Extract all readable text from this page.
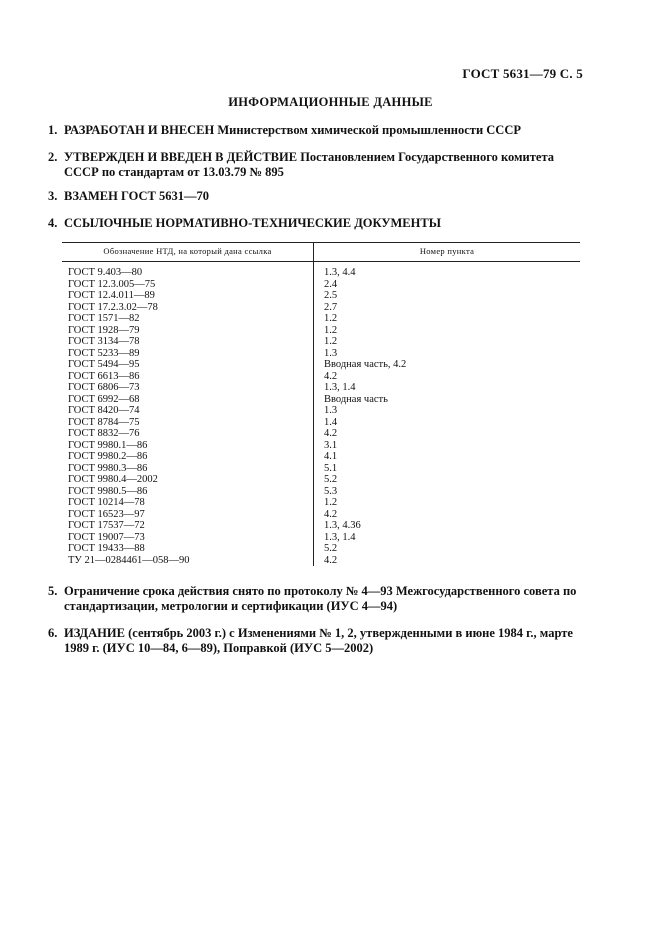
ГОСТ 5631—79 С. 5
ИНФОРМАЦИОННЫЕ ДАННЫЕ
1. РАЗРАБОТАН И ВНЕСЕН Министерством химической промышленности СССР
2. УТВЕРЖДЕН И ВВЕДЕН В ДЕЙСТВИЕ Постановлением Государственного комитета СССР по стандартам от 13.03.79 № 895
3. ВЗАМЕН ГОСТ 5631—70
4. ССЫЛОЧНЫЕ НОРМАТИВНО-ТЕХНИЧЕСКИЕ ДОКУМЕНТЫ
Обозначение НТД, на который дана ссылка	Номер пункта
ГОСТ 9.403—80	1.3, 4.4
ГОСТ 12.3.005—75	2.4
ГОСТ 12.4.011—89	2.5
ГОСТ 17.2.3.02—78	2.7
ГОСТ 1571—82	1.2
ГОСТ 1928—79	1.2
ГОСТ 3134—78	1.2
ГОСТ 5233—89	1.3
ГОСТ 5494—95	Вводная часть, 4.2
ГОСТ 6613—86	4.2
ГОСТ 6806—73	1.3, 1.4
ГОСТ 6992—68	Вводная часть
ГОСТ 8420—74	1.3
ГОСТ 8784—75	1.4
ГОСТ 8832—76	4.2
ГОСТ 9980.1—86	3.1
ГОСТ 9980.2—86	4.1
ГОСТ 9980.3—86	5.1
ГОСТ 9980.4—2002	5.2
ГОСТ 9980.5—86	5.3
ГОСТ 10214—78	1.2
ГОСТ 16523—97	4.2
ГОСТ 17537—72	1.3, 4.36
ГОСТ 19007—73	1.3, 1.4
ГОСТ 19433—88	5.2
ТУ 21—0284461—058—90	4.2
5. Ограничение срока действия снято по протоколу № 4—93 Межгосударственного совета по стандартизации, метрологии и сертификации (ИУС 4—94)
6. ИЗДАНИЕ (сентябрь 2003 г.) с Изменениями № 1, 2, утвержденными в июне 1984 г., марте 1989 г. (ИУС 10—84, 6—89), Поправкой (ИУС 5—2002)
